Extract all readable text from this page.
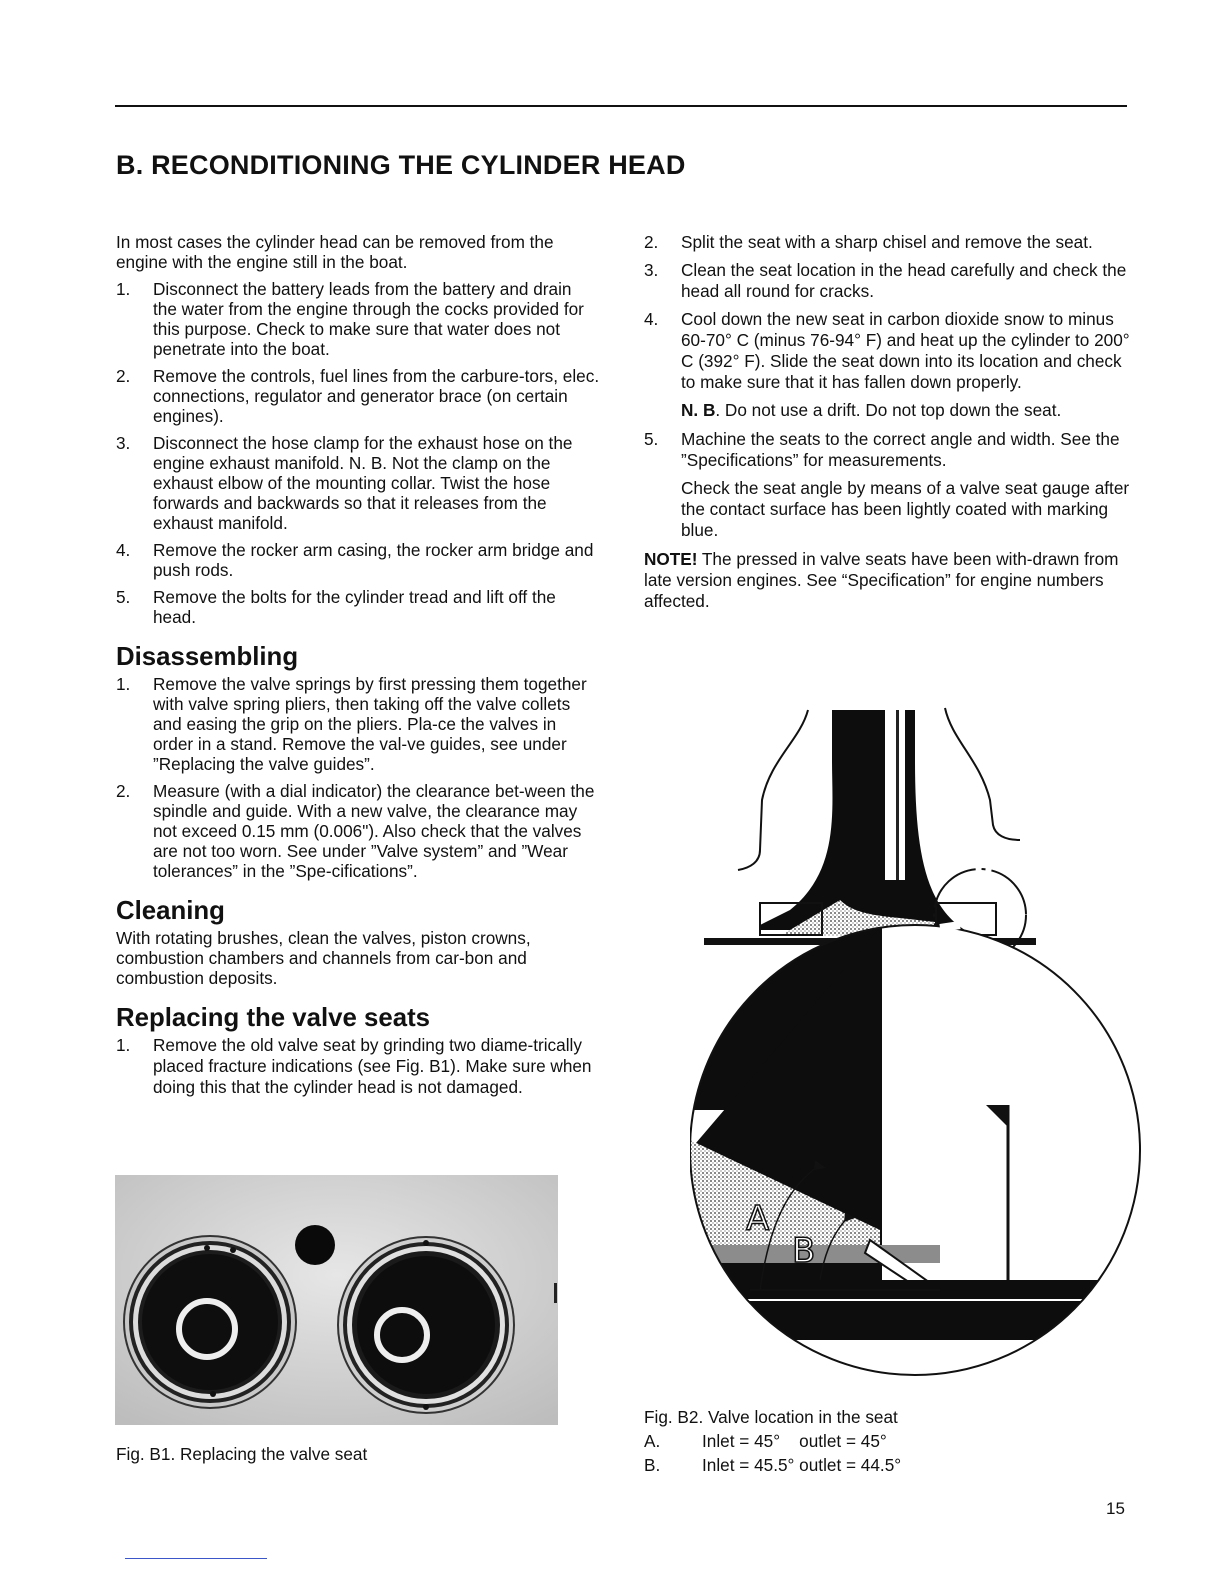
B. RECONDITIONING THE CYLINDER HEAD

In most cases the cylinder head can be removed from the engine with the engine still in the boat.

1. Disconnect the battery leads from the battery and drain the water from the engine through the cocks provided for this purpose. Check to make sure that water does not penetrate into the boat.
2. Remove the controls, fuel lines from the carbure-tors, elec. connections, regulator and generator brace (on certain engines).
3. Disconnect the hose clamp for the exhaust hose on the engine exhaust manifold. N. B. Not the clamp on the exhaust elbow of the mounting collar. Twist the hose forwards and backwards so that it releases from the exhaust manifold.
4. Remove the rocker arm casing, the rocker arm bridge and push rods.
5. Remove the bolts for the cylinder tread and lift off the head.
Disassembling
1. Remove the valve springs by first pressing them together with valve spring pliers, then taking off the valve collets and easing the grip on the pliers. Pla-ce the valves in order in a stand. Remove the val-ve guides, see under ”Replacing the valve guides”.
2. Measure (with a dial indicator) the clearance bet-ween the spindle and guide. With a new valve, the clearance may not exceed 0.15 mm (0.006"). Also check that the valves are not too worn. See under ”Valve system” and ”Wear tolerances” in the ”Spe-cifications”.
Cleaning

With rotating brushes, clean the valves, piston crowns, combustion chambers and channels from car-bon and combustion deposits.

Replacing the valve seats
1. Remove the old valve seat by grinding two diame-trically placed fracture indications (see Fig. B1). Make sure when doing this that the cylinder head is not damaged.
2. Split the seat with a sharp chisel and remove the seat.
3. Clean the seat location in the head carefully and check the head all round for cracks.
4. Cool down the new seat in carbon dioxide snow to minus 60-70° C (minus 76-94° F) and heat up the cylinder to 200° C (392° F). Slide the seat down into its location and check to make sure that it has fallen down properly.

N. B. Do not use a drift. Do not top down the seat.

5. Machine the seats to the correct angle and width. See the ”Specifications” for measurements.

Check the seat angle by means of a valve seat gauge after the contact surface has been lightly coated with marking blue.

NOTE! The pressed in valve seats have been with-drawn from late version engines. See “Specification” for engine numbers affected.

Fig. B1. Replacing the valve seat
A
B
Fig. B2. Valve location in the seat
A.	Inlet = 45°    outlet = 45°
B.	Inlet = 45.5° outlet = 44.5°
15
